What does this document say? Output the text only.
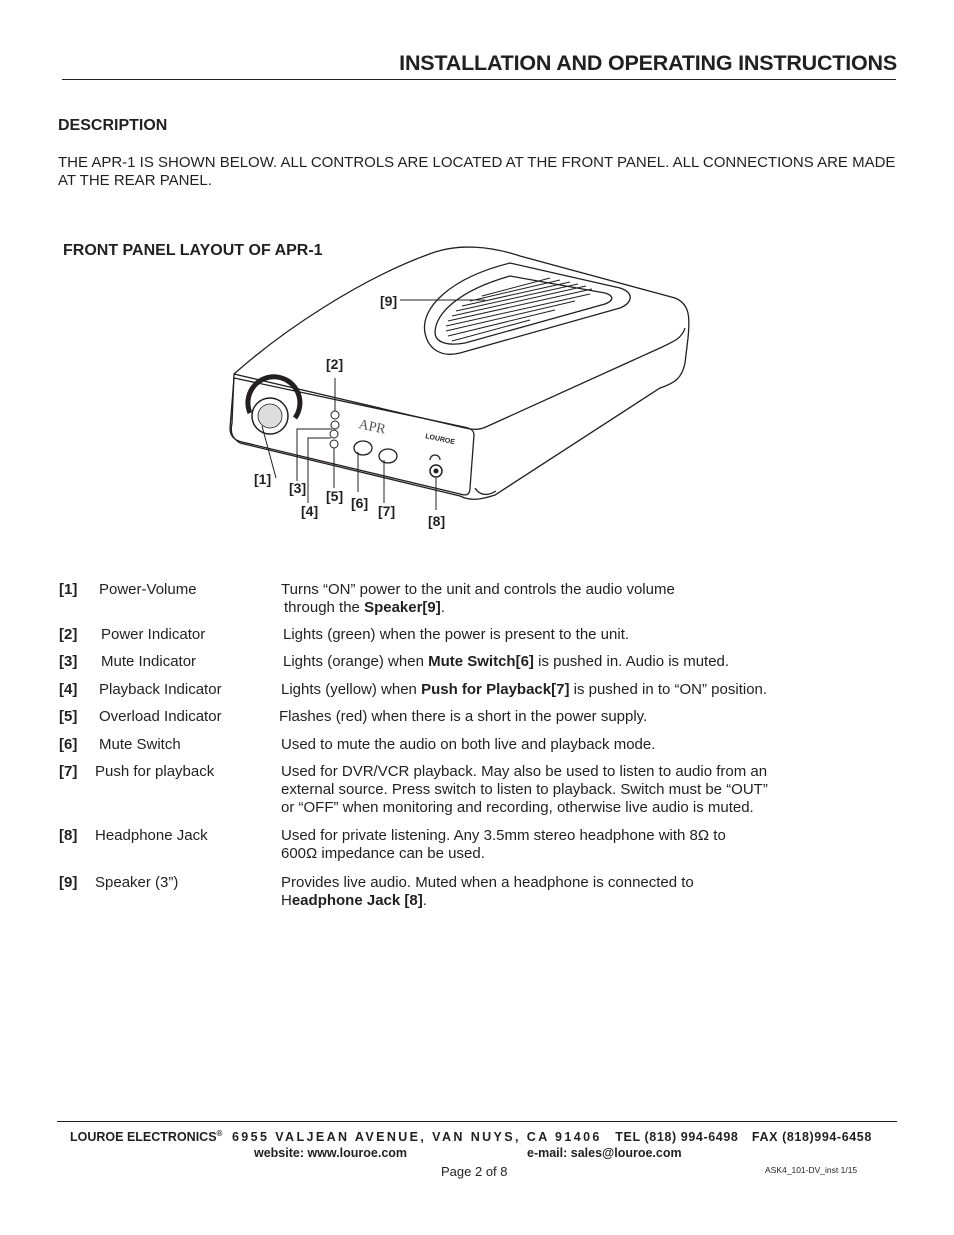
INSTALLATION AND OPERATING INSTRUCTIONS
DESCRIPTION
THE APR-1 IS SHOWN BELOW. ALL CONTROLS ARE LOCATED AT THE FRONT PANEL. ALL CONNECTIONS ARE MADE AT THE REAR PANEL.
FRONT PANEL LAYOUT OF APR-1
APR
LOUROE
[9]
[2]
[1]
[3] [5] [6]
[4]	[7]
[8]
[1] Power-Volume	Turns “ON” power to the unit and controls the audio volume

through the Speaker[9].

[2] Power Indicator	Lights (green) when the power is present to the unit.

[3] Mute Indicator	Lights (orange) when Mute Switch[6] is pushed in. Audio is muted.

[4] Playback Indicator	Lights (yellow) when Push for Playback[7] is pushed in to “ON” position.

[5] Overload Indicator	Flashes (red) when there is a short in the power supply.

[6] Mute Switch	Used to mute the audio on both live and playback mode.

[7] Push for playback	Used for DVR/VCR playback. May also be used to listen to audio from an

external source. Press switch to listen to playback. Switch must be “OUT”

or “OFF” when monitoring and recording, otherwise live audio is muted.

[8] Headphone Jack	Used for private listening. Any 3.5mm stereo headphone with 8Ω to

600Ω impedance can be used.

[9] Speaker (3”)	Provides live audio. Muted when a headphone is connected to

Headphone Jack [8].

LOUROE ELECTRONICS® 6955 VALJEAN AVENUE, VAN NUYS, CA 91406 TEL (818) 994-6498 FAX (818)994-6458
website: www.louroe.com	e-mail: sales@louroe.com
Page 2 of 8	ASK4_101-DV_inst 1/15
